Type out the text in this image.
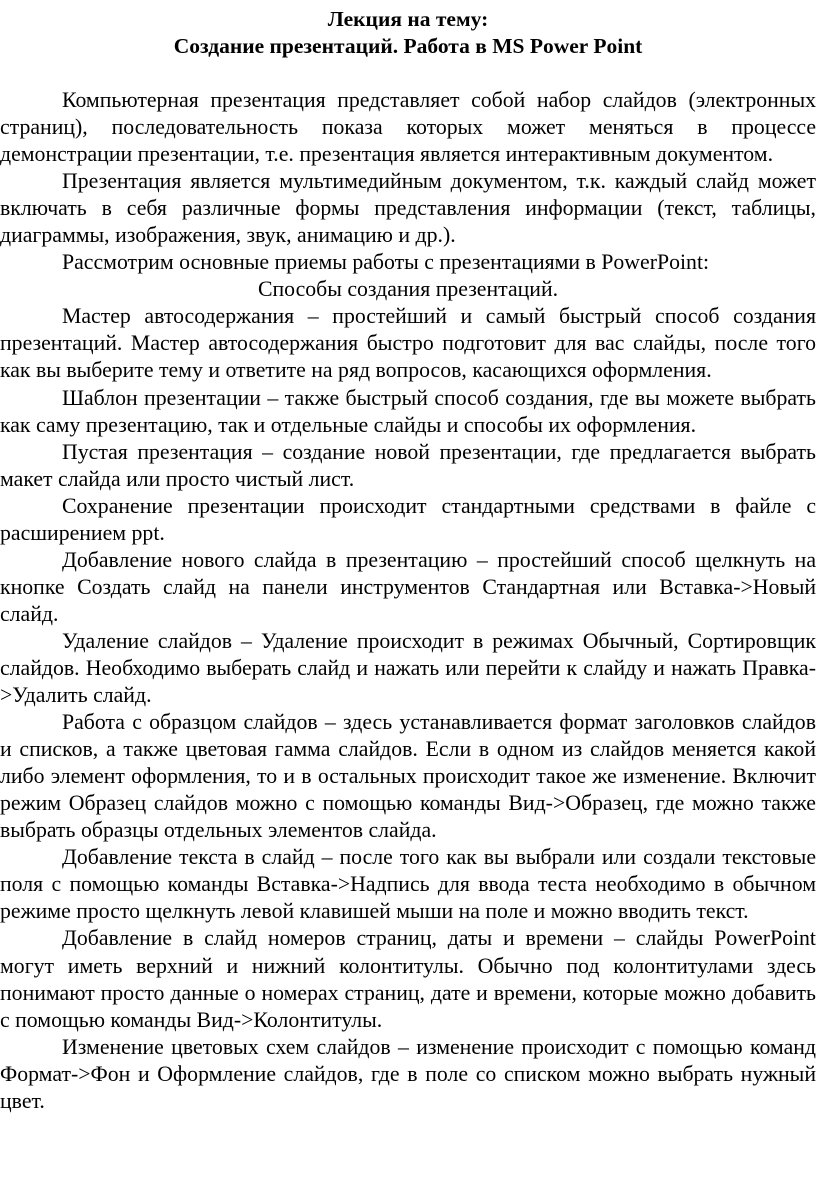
Лекция на тему:

Создание презентаций. Работа в MS Power Point

Компьютерная презентация представляет собой набор слайдов (электронных страниц), последовательность показа которых может меняться в процессе демонстрации презентации, т.е. презентация является интерактивным документом.

Презентация является мультимедийным документом, т.к. каждый слайд может включать в себя различные формы представления информации (текст, таблицы, диаграммы, изображения, звук, анимацию и др.).

Рассмотрим основные приемы работы с презентациями в PowerPoint:

Способы создания презентаций.

Мастер автосодержания – простейший и самый быстрый способ создания презентаций. Мастер автосодержания быстро подготовит для вас слайды, после того как вы выберите тему и ответите на ряд вопросов, касающихся оформления.

Шаблон презентации – также быстрый способ создания, где вы можете выбрать как саму презентацию, так и отдельные слайды и способы их оформления.

Пустая презентация – создание новой презентации, где предлагается выбрать макет слайда или просто чистый лист.

Сохранение презентации происходит стандартными средствами в файле с расширением ppt.

Добавление нового слайда в презентацию – простейший способ щелкнуть на кнопке Создать слайд на панели инструментов Стандартная или Вставка->Новый слайд.

Удаление слайдов – Удаление происходит в режимах Обычный, Сортировщик слайдов. Необходимо выберать слайд и нажать или перейти к слайду и нажать Правка->Удалить слайд.

Работа с образцом слайдов – здесь устанавливается формат заголовков слайдов и списков, а также цветовая гамма слайдов. Если в одном из слайдов меняется какой либо элемент оформления, то и в остальных происходит такое же изменение. Включит режим Образец слайдов можно с помощью команды Вид->Образец, где можно также выбрать образцы отдельных элементов слайда.

Добавление текста в слайд – после того как вы выбрали или создали текстовые поля с помощью команды Вставка->Надпись для ввода теста необходимо в обычном режиме просто щелкнуть левой клавишей мыши на поле и можно вводить текст.

Добавление в слайд номеров страниц, даты и времени – слайды PowerPoint могут иметь верхний и нижний колонтитулы. Обычно под колонтитулами здесь понимают просто данные о номерах страниц, дате и времени, которые можно добавить с помощью команды Вид->Колонтитулы.

Изменение цветовых схем слайдов – изменение происходит с помощью команд Формат->Фон и Оформление слайдов, где в поле со списком можно выбрать нужный цвет.
